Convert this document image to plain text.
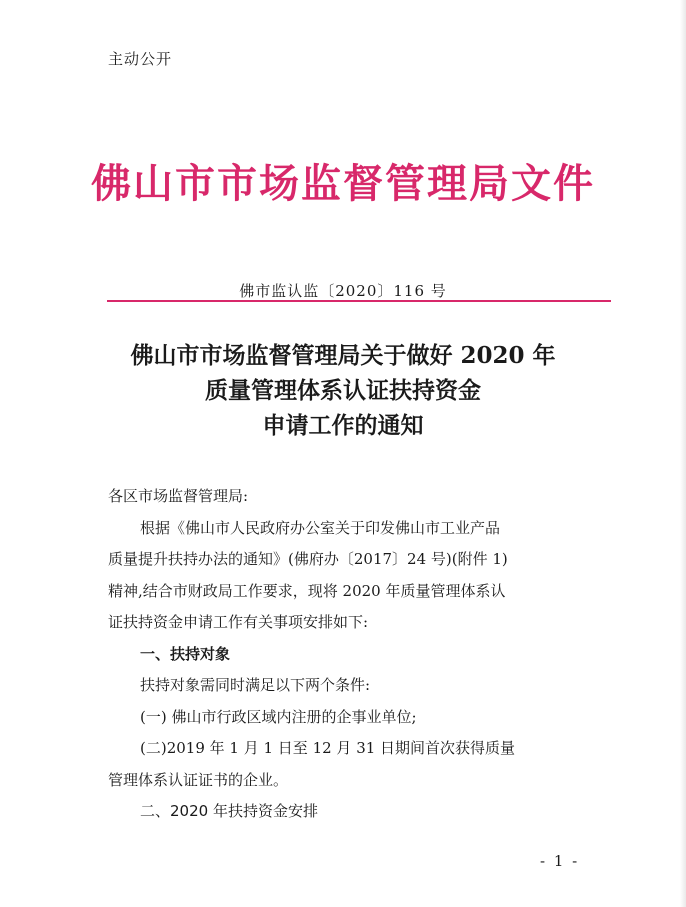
主动公开
佛山市市场监督管理局文件
佛市监认监〔2020〕116 号
佛山市市场监督管理局关于做好 2020 年
质量管理体系认证扶持资金
申请工作的通知

各区市场监督管理局:

根据《佛山市人民政府办公室关于印发佛山市工业产品

质量提升扶持办法的通知》(佛府办〔2017〕24 号)(附件 1)

精神,结合市财政局工作要求，现将 2020 年质量管理体系认

证扶持资金申请工作有关事项安排如下:

一、扶持对象

扶持对象需同时满足以下两个条件:

(一) 佛山市行政区域内注册的企事业单位;

(二)2019 年 1 月 1 日至 12 月 31 日期间首次获得质量

管理体系认证证书的企业。

二、2020 年扶持资金安排

- 1 -
